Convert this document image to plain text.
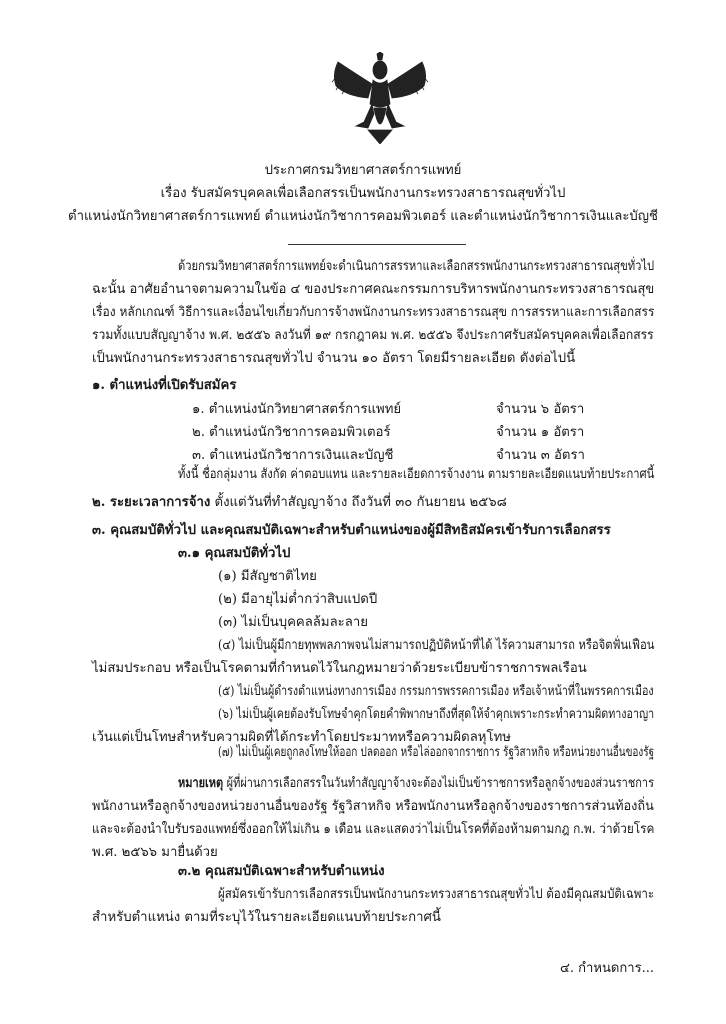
ประกาศกรมวิทยาศาสตร์การแพทย์
เรื่อง รับสมัครบุคคลเพื่อเลือกสรรเป็นพนักงานกระทรวงสาธารณสุขทั่วไป
ตำแหน่งนักวิทยาศาสตร์การแพทย์ ตำแหน่งนักวิชาการคอมพิวเตอร์ และตำแหน่งนักวิชาการเงินและบัญชี
ด้วยกรมวิทยาศาสตร์การแพทย์จะดำเนินการสรรหาและเลือกสรรพนักงานกระทรวงสาธารณสุขทั่วไป
ฉะนั้น อาศัยอำนาจตามความในข้อ ๔ ของประกาศคณะกรรมการบริหารพนักงานกระทรวงสาธารณสุข
เรื่อง หลักเกณฑ์ วิธีการและเงื่อนไขเกี่ยวกับการจ้างพนักงานกระทรวงสาธารณสุข การสรรหาและการเลือกสรร
รวมทั้งแบบสัญญาจ้าง พ.ศ. ๒๕๕๖ ลงวันที่ ๑๙ กรกฎาคม พ.ศ. ๒๕๕๖ จึงประกาศรับสมัครบุคคลเพื่อเลือกสรร
เป็นพนักงานกระทรวงสาธารณสุขทั่วไป จำนวน ๑๐ อัตรา โดยมีรายละเอียด ดังต่อไปนี้
๑. ตำแหน่งที่เปิดรับสมัคร
๑. ตำแหน่งนักวิทยาศาสตร์การแพทย์	จำนวน ๖ อัตรา
๒. ตำแหน่งนักวิชาการคอมพิวเตอร์	จำนวน ๑ อัตรา
๓. ตำแหน่งนักวิชาการเงินและบัญชี	จำนวน ๓ อัตรา
ทั้งนี้ ชื่อกลุ่มงาน สังกัด ค่าตอบแทน และรายละเอียดการจ้างงาน ตามรายละเอียดแนบท้ายประกาศนี้
๒. ระยะเวลาการจ้าง ตั้งแต่วันที่ทำสัญญาจ้าง ถึงวันที่ ๓๐ กันยายน ๒๕๖๘
๓. คุณสมบัติทั่วไป และคุณสมบัติเฉพาะสำหรับตำแหน่งของผู้มีสิทธิสมัครเข้ารับการเลือกสรร
๓.๑ คุณสมบัติทั่วไป
(๑) มีสัญชาติไทย
(๒) มีอายุไม่ต่ำกว่าสิบแปดปี
(๓) ไม่เป็นบุคคลล้มละลาย
(๔) ไม่เป็นผู้มีกายทุพพลภาพจนไม่สามารถปฏิบัติหน้าที่ได้ ไร้ความสามารถ หรือจิตฟั่นเฟือน
ไม่สมประกอบ หรือเป็นโรคตามที่กำหนดไว้ในกฎหมายว่าด้วยระเบียบข้าราชการพลเรือน
(๕) ไม่เป็นผู้ดำรงตำแหน่งทางการเมือง กรรมการพรรคการเมือง หรือเจ้าหน้าที่ในพรรคการเมือง
(๖) ไม่เป็นผู้เคยต้องรับโทษจำคุกโดยคำพิพากษาถึงที่สุดให้จำคุกเพราะกระทำความผิดทางอาญา
เว้นแต่เป็นโทษสำหรับความผิดที่ได้กระทำโดยประมาทหรือความผิดลหุโทษ
(๗) ไม่เป็นผู้เคยถูกลงโทษให้ออก ปลดออก หรือไล่ออกจากราชการ รัฐวิสาหกิจ หรือหน่วยงานอื่นของรัฐ
หมายเหตุ ผู้ที่ผ่านการเลือกสรรในวันทำสัญญาจ้างจะต้องไม่เป็นข้าราชการหรือลูกจ้างของส่วนราชการ
พนักงานหรือลูกจ้างของหน่วยงานอื่นของรัฐ รัฐวิสาหกิจ หรือพนักงานหรือลูกจ้างของราชการส่วนท้องถิ่น
และจะต้องนำใบรับรองแพทย์ซึ่งออกให้ไม่เกิน ๑ เดือน และแสดงว่าไม่เป็นโรคที่ต้องห้ามตามกฎ ก.พ. ว่าด้วยโรค
พ.ศ. ๒๕๖๖ มายื่นด้วย
๓.๒ คุณสมบัติเฉพาะสำหรับตำแหน่ง
ผู้สมัครเข้ารับการเลือกสรรเป็นพนักงานกระทรวงสาธารณสุขทั่วไป ต้องมีคุณสมบัติเฉพาะ
สำหรับตำแหน่ง ตามที่ระบุไว้ในรายละเอียดแนบท้ายประกาศนี้
๔. กำหนดการ...
